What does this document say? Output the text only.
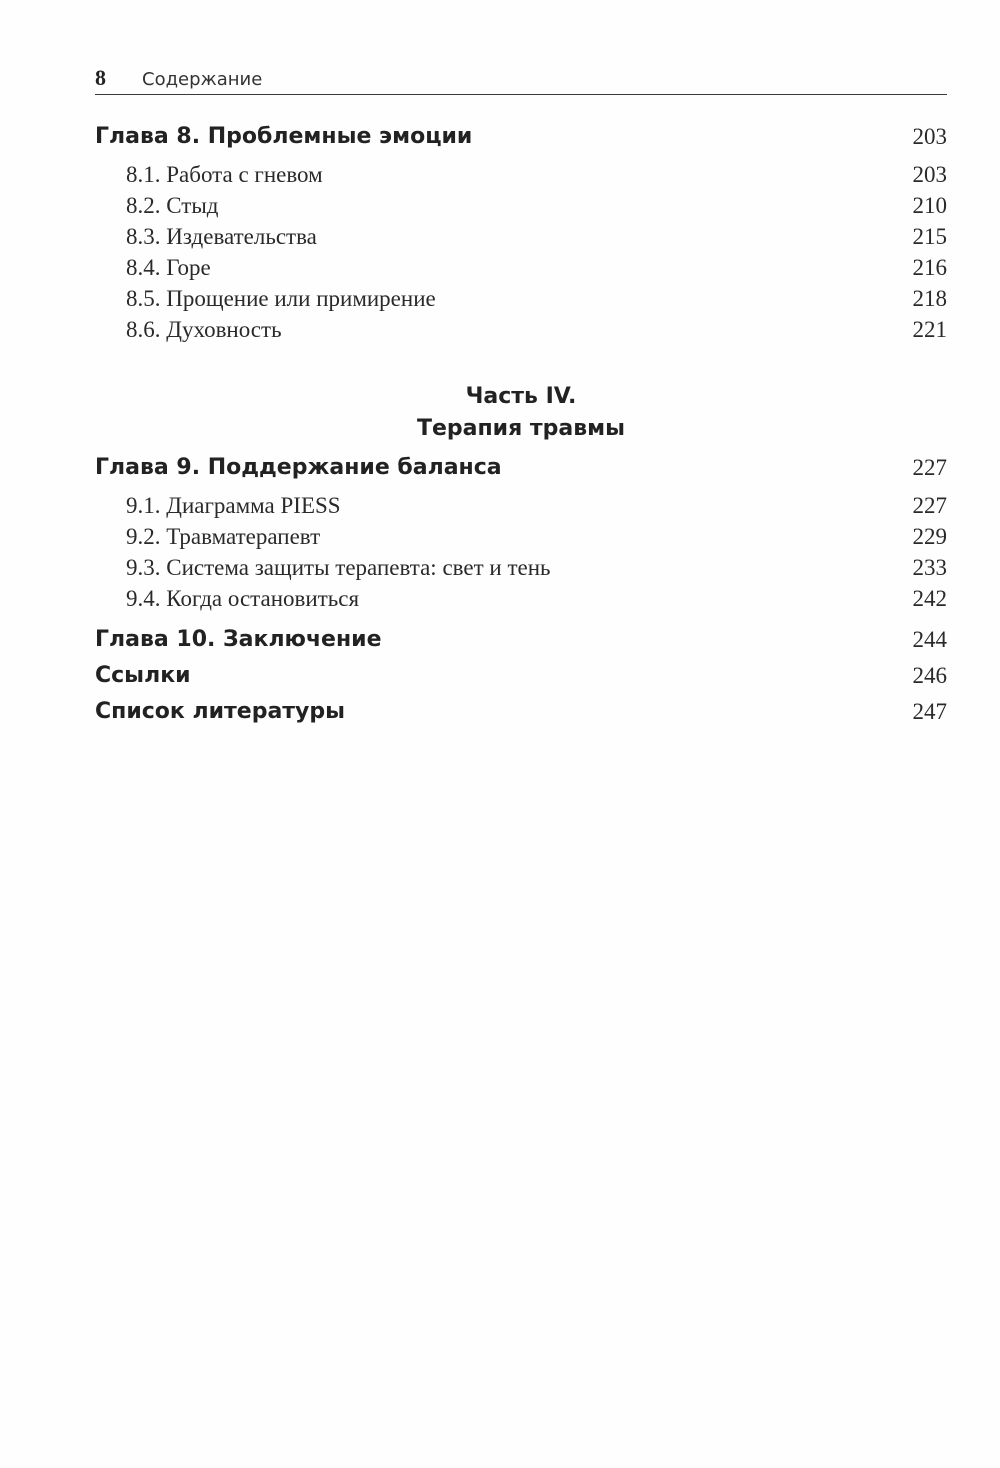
8 Содержание
Глава 8. Проблемные эмоции	203
8.1. Работа с гневом	203
8.2. Стыд	210
8.3. Издевательства	215
8.4. Горе	216
8.5. Прощение или примирение	218
8.6. Духовность	221
Часть IV.
Терапия травмы
Глава 9. Поддержание баланса	227
9.1. Диаграмма PIESS	227
9.2. Травматерапевт	229
9.3. Система защиты терапевта: свет и тень	233
9.4. Когда остановиться	242
Глава 10. Заключение	244
Ссылки	246
Список литературы	247
